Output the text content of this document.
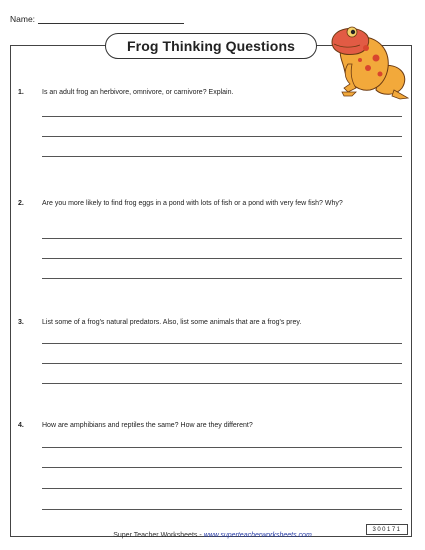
Name:
Frog Thinking Questions
1.	Is an adult frog an herbivore, omnivore, or carnivore? Explain.
2.	Are you more likely to find frog eggs in a pond with lots of fish or a pond with very few fish? Why?
3.	List some of a frog's natural predators. Also, list some animals that are a frog's prey.
4.	How are amphibians and reptiles the same? How are they different?
300171
Super Teacher Worksheets - www.superteacherworksheets.com
